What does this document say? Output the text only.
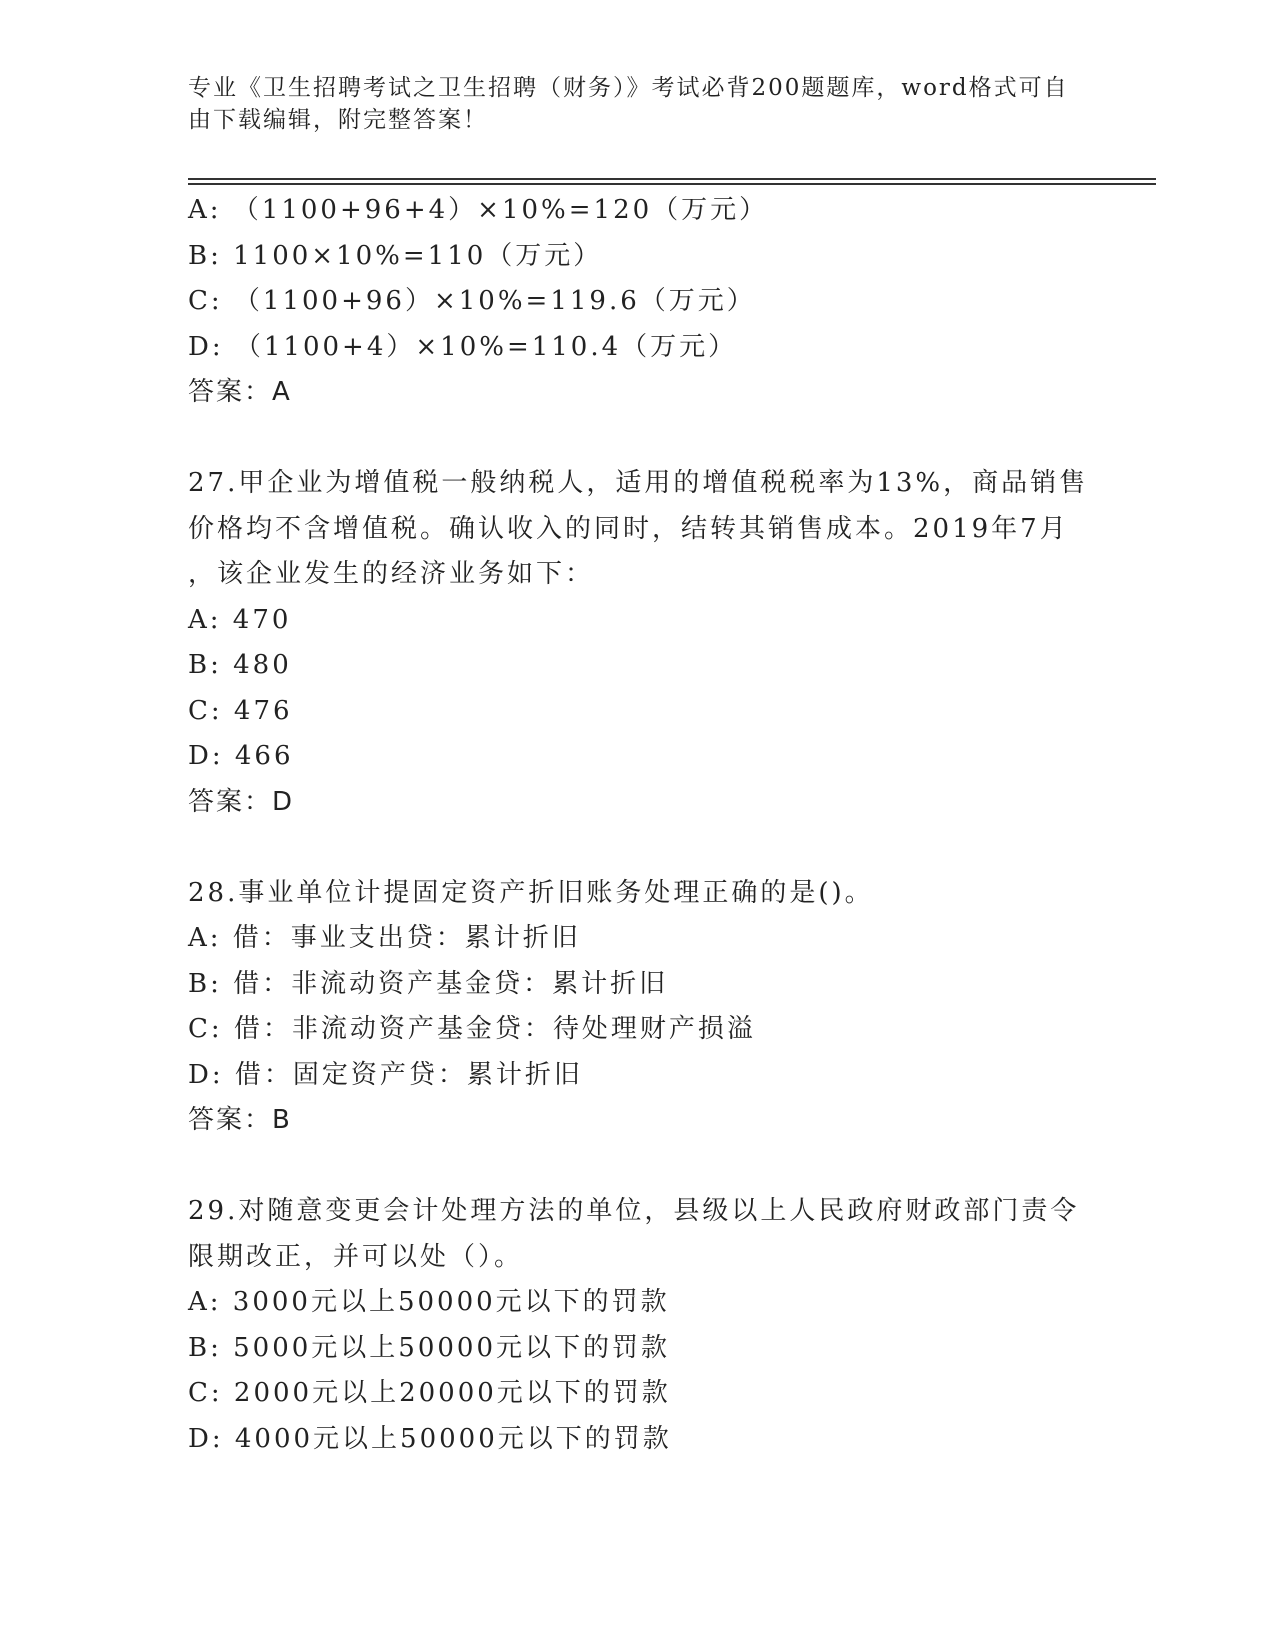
专业《卫生招聘考试之卫生招聘（财务）》考试必背200题题库，word格式可自
由下载编辑，附完整答案！
A: （1100+96+4）×10%=120（万元）
B: 1100×10%=110（万元）
C: （1100+96）×10%=119.6（万元）
D: （1100+4）×10%=110.4（万元）
答案：A
27.甲企业为增值税一般纳税人，适用的增值税税率为13%，商品销售
价格均不含增值税。确认收入的同时，结转其销售成本。2019年7月
，该企业发生的经济业务如下：
A: 470
B: 480
C: 476
D: 466
答案：D
28.事业单位计提固定资产折旧账务处理正确的是()。
A: 借：事业支出贷：累计折旧
B: 借：非流动资产基金贷：累计折旧
C: 借：非流动资产基金贷：待处理财产损溢
D: 借：固定资产贷：累计折旧
答案：B
29.对随意变更会计处理方法的单位，县级以上人民政府财政部门责令
限期改正，并可以处（）。
A: 3000元以上50000元以下的罚款
B: 5000元以上50000元以下的罚款
C: 2000元以上20000元以下的罚款
D: 4000元以上50000元以下的罚款
